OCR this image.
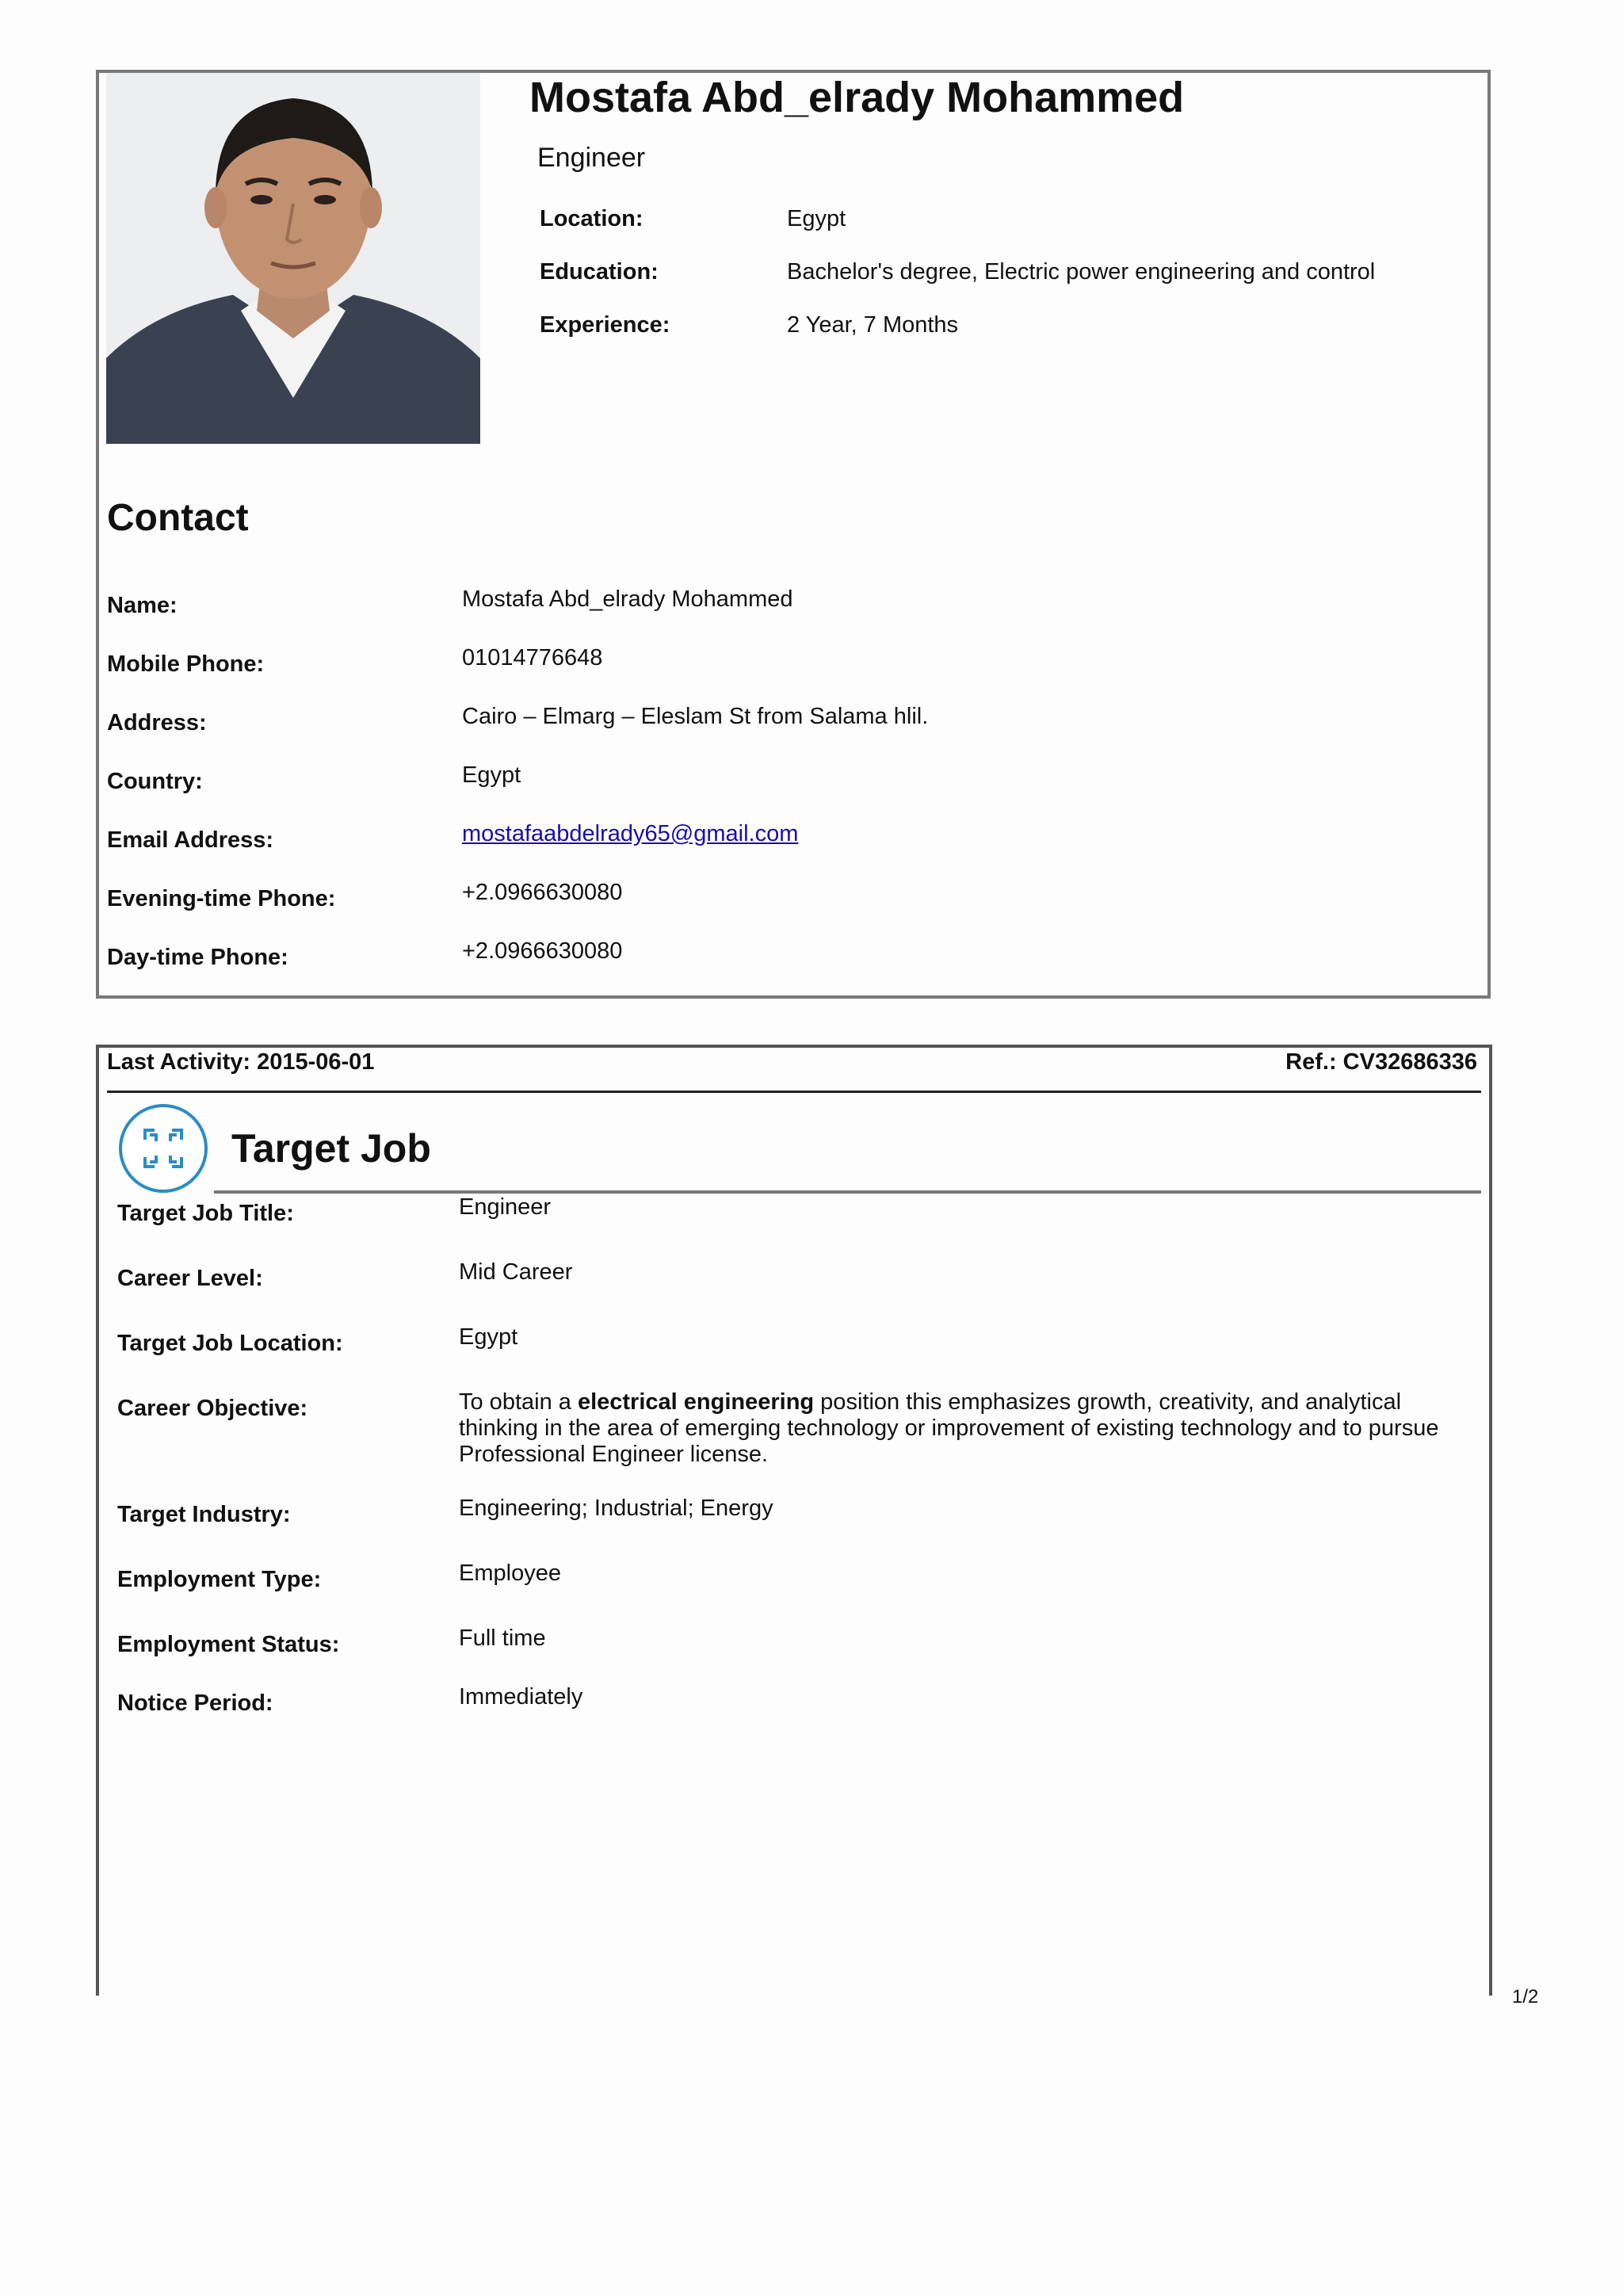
Mostafa Abd_elrady Mohammed
Engineer
Location:	Egypt
Education:	Bachelor's degree, Electric power engineering and control
Experience:	2 Year, 7 Months
Contact
Name:	Mostafa Abd_elrady Mohammed
Mobile Phone:	01014776648
Address:	Cairo – Elmarg – Eleslam St from Salama hlil.
Country:	Egypt
Email Address:	mostafaabdelrady65@gmail.com
Evening-time Phone:	+2.0966630080
Day-time Phone:	+2.0966630080
Last Activity: 2015-06-01	Ref.: CV32686336
Target Job
Target Job Title:	Engineer
Career Level:	Mid Career
Target Job Location:	Egypt
Career Objective:	To obtain a electrical engineering position this emphasizes growth, creativity, and analytical thinking in the area of emerging technology or improvement of existing technology and to pursue Professional Engineer license.
Target Industry:	Engineering; Industrial; Energy
Employment Type:	Employee
Employment Status:	Full time
Notice Period:	Immediately
1/2
